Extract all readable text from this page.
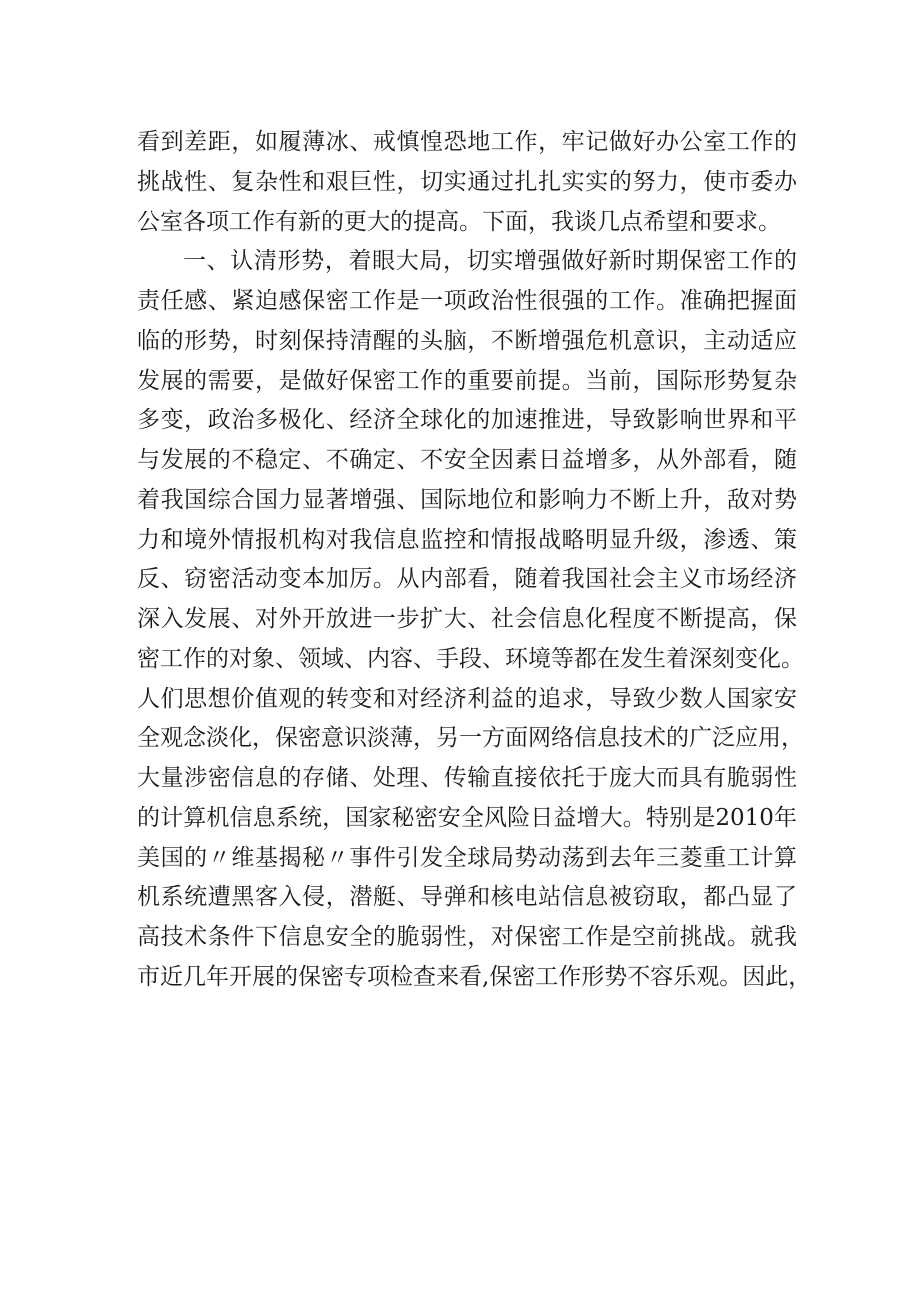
看到差距，如履薄冰、戒慎惶恐地工作，牢记做好办公室工作的
挑战性、复杂性和艰巨性，切实通过扎扎实实的努力，使市委办
公室各项工作有新的更大的提高。下面，我谈几点希望和要求。
一、认清形势，着眼大局，切实增强做好新时期保密工作的
责任感、紧迫感保密工作是一项政治性很强的工作。准确把握面
临的形势，时刻保持清醒的头脑，不断增强危机意识，主动适应
发展的需要，是做好保密工作的重要前提。当前，国际形势复杂
多变，政治多极化、经济全球化的加速推进，导致影响世界和平
与发展的不稳定、不确定、不安全因素日益增多，从外部看，随
着我国综合国力显著增强、国际地位和影响力不断上升，敌对势
力和境外情报机构对我信息监控和情报战略明显升级，渗透、策
反、窃密活动变本加厉。从内部看，随着我国社会主义市场经济
深入发展、对外开放进一步扩大、社会信息化程度不断提高，保
密工作的对象、领域、内容、手段、环境等都在发生着深刻变化。
人们思想价值观的转变和对经济利益的追求，导致少数人国家安
全观念淡化，保密意识淡薄，另一方面网络信息技术的广泛应用，
大量涉密信息的存储、处理、传输直接依托于庞大而具有脆弱性
的计算机信息系统，国家秘密安全风险日益增大。特别是2010年
美国的〃维基揭秘〃事件引发全球局势动荡到去年三菱重工计算
机系统遭黑客入侵，潜艇、导弹和核电站信息被窃取，都凸显了
高技术条件下信息安全的脆弱性，对保密工作是空前挑战。就我
市近几年开展的保密专项检查来看,保密工作形势不容乐观。因此，
